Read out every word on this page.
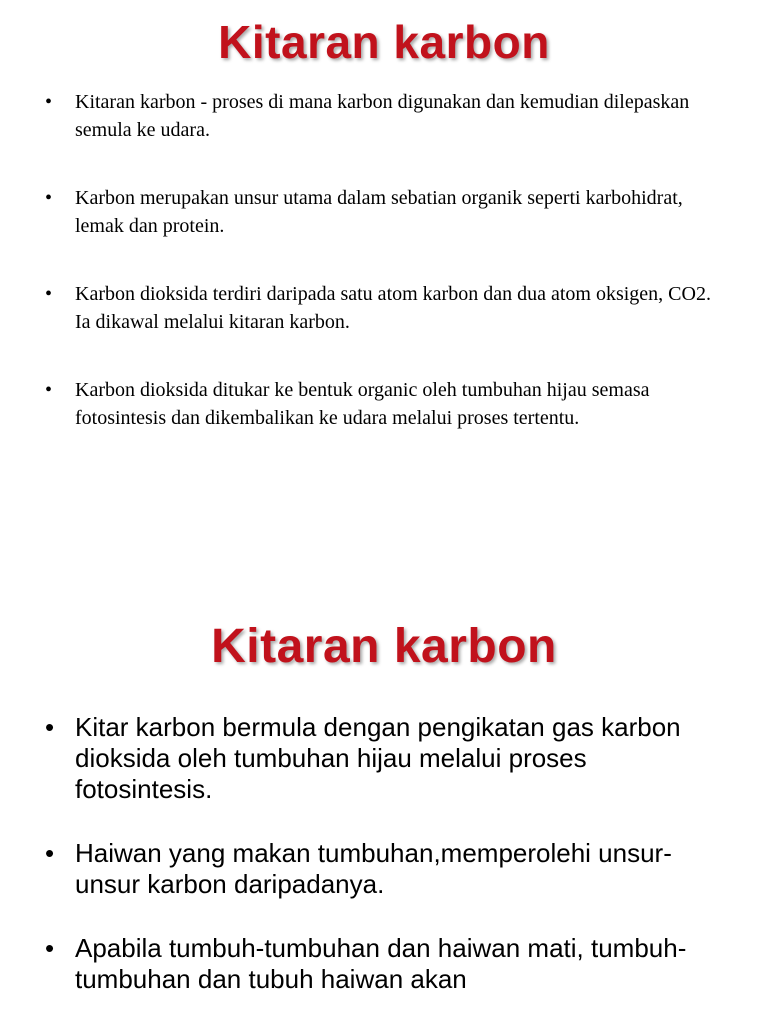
Kitaran karbon
• Kitaran karbon - proses di mana karbon digunakan dan kemudian dilepaskan semula ke udara.
• Karbon merupakan unsur utama dalam sebatian organik seperti karbohidrat, lemak dan protein.
• Karbon dioksida terdiri daripada satu atom karbon dan dua atom oksigen, CO2. Ia dikawal melalui kitaran karbon.
• Karbon dioksida ditukar ke bentuk organic oleh tumbuhan hijau semasa fotosintesis dan dikembalikan ke udara melalui proses tertentu.
Kitaran karbon
• Kitar karbon bermula dengan pengikatan gas karbon dioksida oleh tumbuhan hijau melalui proses fotosintesis.
• Haiwan yang makan tumbuhan,memperolehi unsur-unsur karbon daripadanya.
• Apabila tumbuh-tumbuhan dan haiwan mati, tumbuh- tumbuhan dan tubuh haiwan akan
